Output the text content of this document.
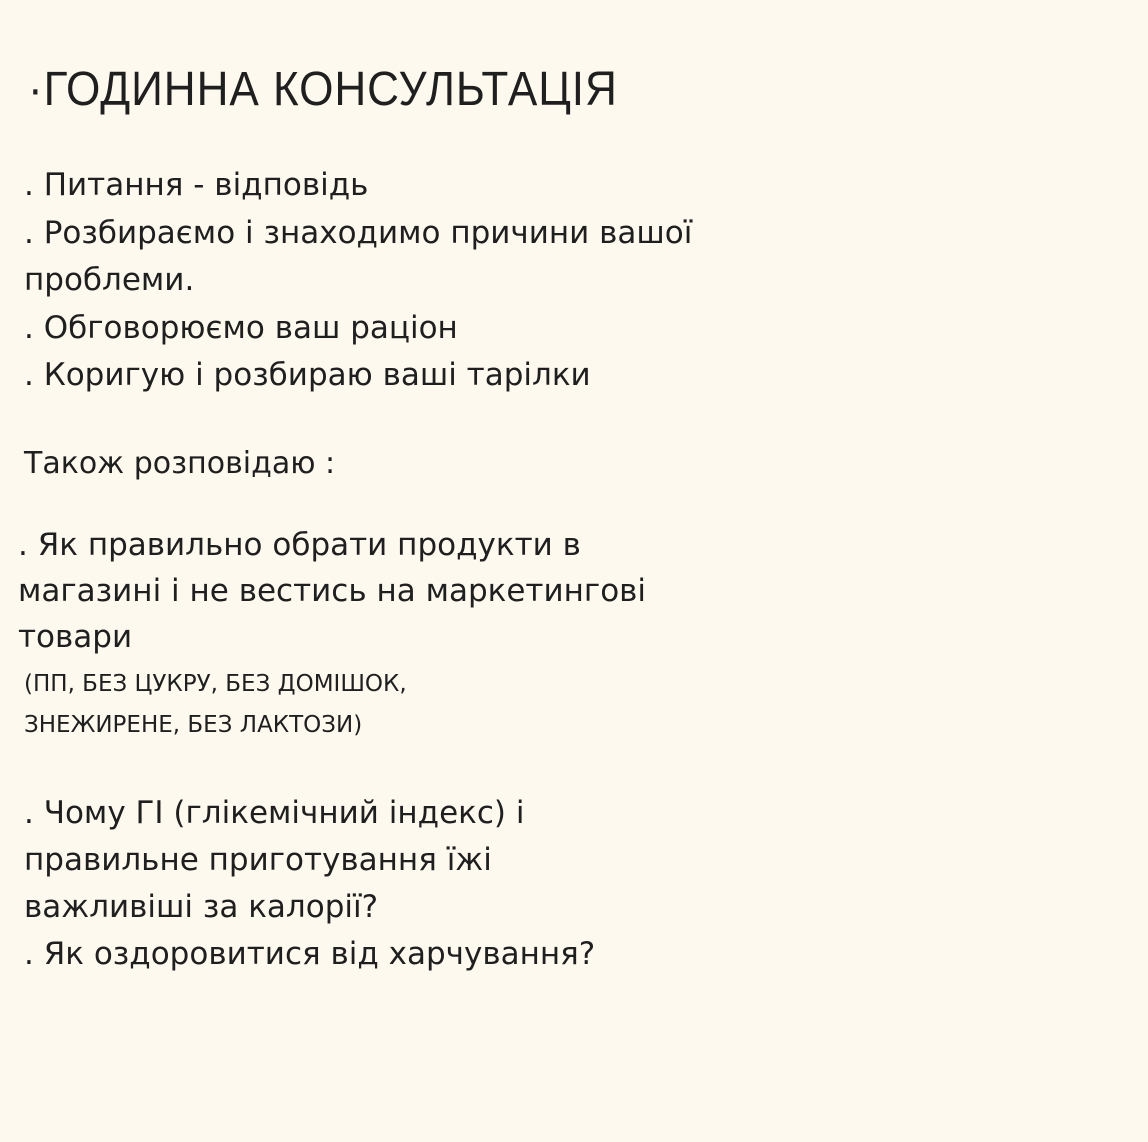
·ГОДИННА КОНСУЛЬТАЦІЯ
. Питання - відповідь
. Розбираємо і знаходимо причини вашої
проблеми.
. Обговорюємо ваш раціон
. Коригую і розбираю ваші тарілки
Також розповідаю :
. Як правильно обрати продукти в
магазині і не вестись на маркетингові
товари
(ПП, БЕЗ ЦУКРУ, БЕЗ ДОМІШОК,
ЗНЕЖИРЕНЕ, БЕЗ ЛАКТОЗИ)
. Чому ГІ (глікемічний індекс) і
правильне приготування їжі
важливіші за калорії?
. Як оздоровитися від харчування?
